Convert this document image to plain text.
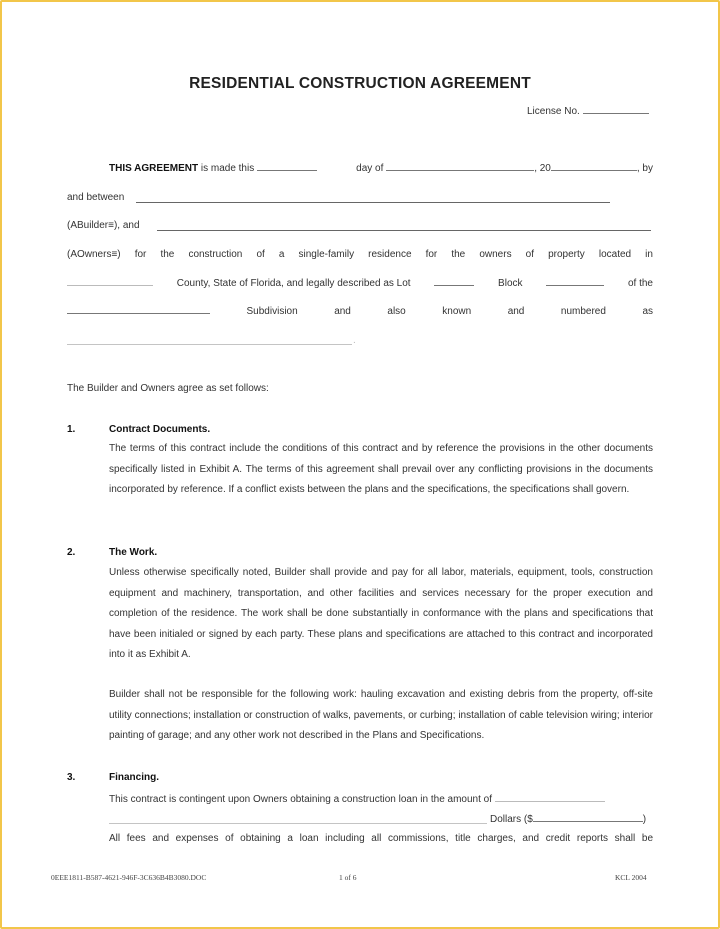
RESIDENTIAL CONSTRUCTION AGREEMENT
License No.
THIS AGREEMENT is made this	day of	, 20	, by
and between
(ABuilder≡), and
(AOwners≡) for the construction of a single-family residence for the owners of property located in
County, State of Florida, and legally described as Lot	Block	of the
Subdivision	and	also	known	and	numbered	as
.
The Builder and Owners agree as set follows:
1.	Contract Documents.
The terms of this contract include the conditions of this contract and by reference the provisions in the other documents specifically listed in Exhibit A. The terms of this agreement shall prevail over any conflicting provisions in the documents incorporated by reference. If a conflict exists between the plans and the specifications, the specifications shall govern.
2.	The Work.
Unless otherwise specifically noted, Builder shall provide and pay for all labor, materials, equipment, tools, construction equipment and machinery, transportation, and other facilities and services necessary for the proper execution and completion of the residence. The work shall be done substantially in conformance with the plans and specifications that have been initialed or signed by each party. These plans and specifications are attached to this contract and incorporated into it as Exhibit A.
Builder shall not be responsible for the following work: hauling excavation and existing debris from the property, off-site utility connections; installation or construction of walks, pavements, or curbing; installation of cable television wiring; interior painting of garage; and any other work not described in the Plans and Specifications.
3.	Financing.
This contract is contingent upon Owners obtaining a construction loan in the amount of
Dollars ($	)
All fees and expenses of obtaining a loan including all commissions, title charges, and credit reports shall be
0EEE1811-B587-4621-946F-3C636B4B3080.DOC	1 of 6	KCL 2004
